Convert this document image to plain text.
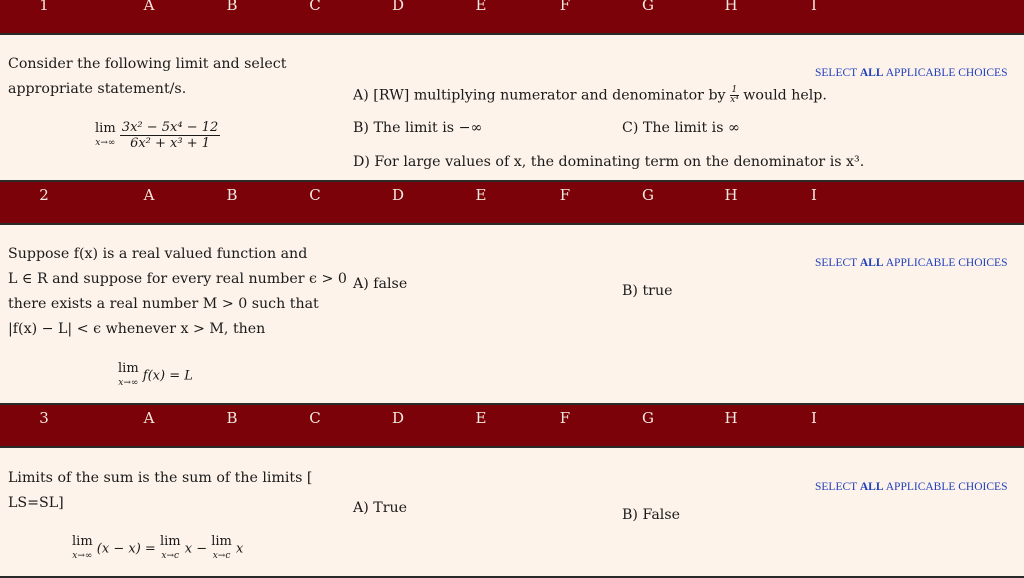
1	A	B	C	D	E	F	G	H	I
Consider the following limit and select
appropriate statement/s.
lim
x→∞
$\frac{\text{3x² − 5x⁴ − 12}}{\text{6x² + x³ + 1}}$
SELECT ALL APPLICABLE CHOICES
A) [RW] multiplying numerator and denominator by $\frac{1}{\text{x⁴}}$ would help.
B) The limit is −∞	C) The limit is ∞
D) For large values of x, the dominating term on the denominator is x³.
2	A	B	C	D	E	F	G	H	I
Suppose f(x) is a real valued function and
L ∈ R and suppose for every real number ϵ > 0
there exists a real number M > 0 such that
|f(x) − L| < ϵ whenever x > M, then
lim
x→∞ f(x) = L
SELECT ALL APPLICABLE CHOICES
A) false	B) true
3	A	B	C	D	E	F	G	H	I
Limits of the sum is the sum of the limits [
LS=SL]
lim
x→∞ (x − x) = lim
x→c x − lim
x→c x
SELECT ALL APPLICABLE CHOICES
A) True	B) False
